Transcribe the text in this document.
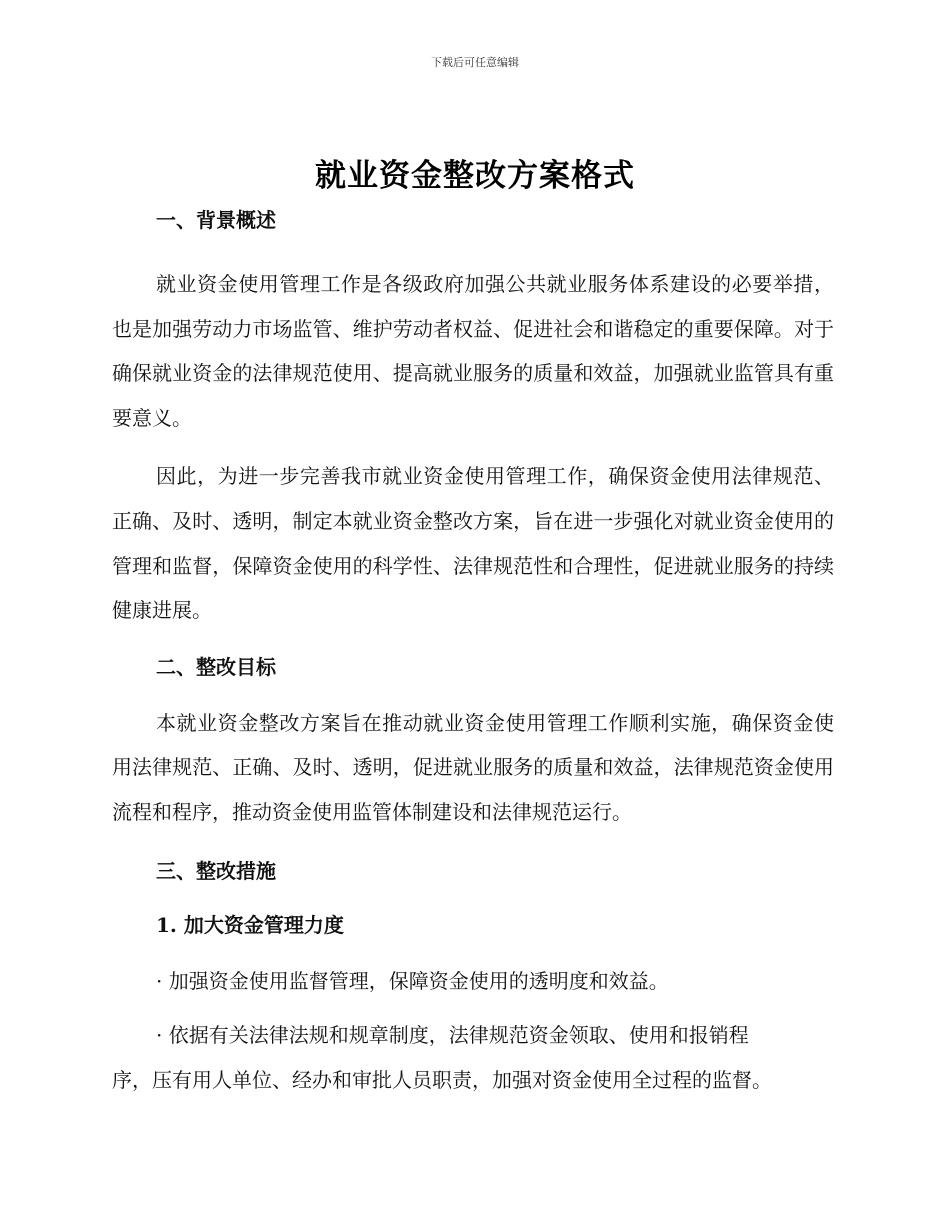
下载后可任意编辑
就业资金整改方案格式
一、背景概述

就业资金使用管理工作是各级政府加强公共就业服务体系建设的必要举措，也是加强劳动力市场监管、维护劳动者权益、促进社会和谐稳定的重要保障。对于确保就业资金的法律规范使用、提高就业服务的质量和效益，加强就业监管具有重要意义。

因此，为进一步完善我市就业资金使用管理工作，确保资金使用法律规范、正确、及时、透明，制定本就业资金整改方案，旨在进一步强化对就业资金使用的管理和监督，保障资金使用的科学性、法律规范性和合理性，促进就业服务的持续健康进展。

二、整改目标

本就业资金整改方案旨在推动就业资金使用管理工作顺利实施，确保资金使用法律规范、正确、及时、透明，促进就业服务的质量和效益，法律规范资金使用流程和程序，推动资金使用监管体制建设和法律规范运行。

三、整改措施
1. 加大资金管理力度

· 加强资金使用监督管理，保障资金使用的透明度和效益。

· 依据有关法律法规和规章制度，法律规范资金领取、使用和报销程

序，压有用人单位、经办和审批人员职责，加强对资金使用全过程的监督。
